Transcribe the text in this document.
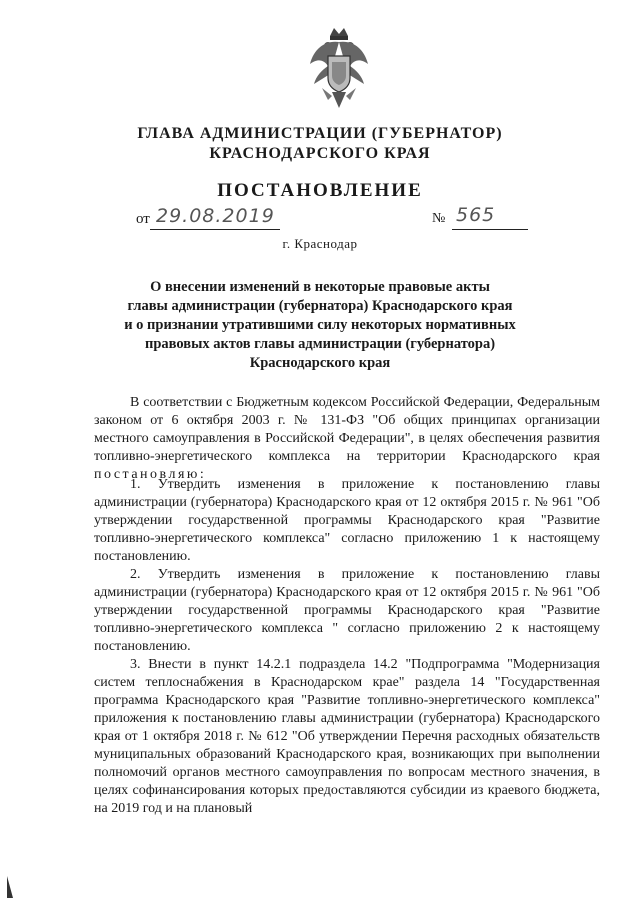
ГЛАВА АДМИНИСТРАЦИИ (ГУБЕРНАТОР)
КРАСНОДАРСКОГО КРАЯ
ПОСТАНОВЛЕНИЕ
от 29.08.2019	№ 565
г. Краснодар
О внесении изменений в некоторые правовые акты
главы администрации (губернатора) Краснодарского края
и о признании утратившими силу некоторых нормативных
правовых актов главы администрации (губернатора)
Краснодарского края

В соответствии с Бюджетным кодексом Российской Федерации, Федеральным законом от 6 октября 2003 г. № 131-ФЗ "Об общих принципах организации местного самоуправления в Российской Федерации", в целях обеспечения развития топливно-энергетического комплекса на территории Краснодарского края постановляю:

1. Утвердить изменения в приложение к постановлению главы администрации (губернатора) Краснодарского края от 12 октября 2015 г. № 961 "Об утверждении государственной программы Краснодарского края "Развитие топливно-энергетического комплекса" согласно приложению 1 к настоящему постановлению.

2. Утвердить изменения в приложение к постановлению главы администрации (губернатора) Краснодарского края от 12 октября 2015 г. № 961 "Об утверждении государственной программы Краснодарского края "Развитие топливно-энергетического комплекса " согласно приложению 2 к настоящему постановлению.

3. Внести в пункт 14.2.1 подраздела 14.2 "Подпрограмма "Модернизация систем теплоснабжения в Краснодарском крае" раздела 14 "Государственная программа Краснодарского края "Развитие топливно-энергетического комплекса" приложения к постановлению главы администрации (губернатора) Краснодарского края от 1 октября 2018 г. № 612 "Об утверждении Перечня расходных обязательств муниципальных образований Краснодарского края, возникающих при выполнении полномочий органов местного самоуправления по вопросам местного значения, в целях софинансирования которых предоставляются субсидии из краевого бюджета, на 2019 год и на плановый
